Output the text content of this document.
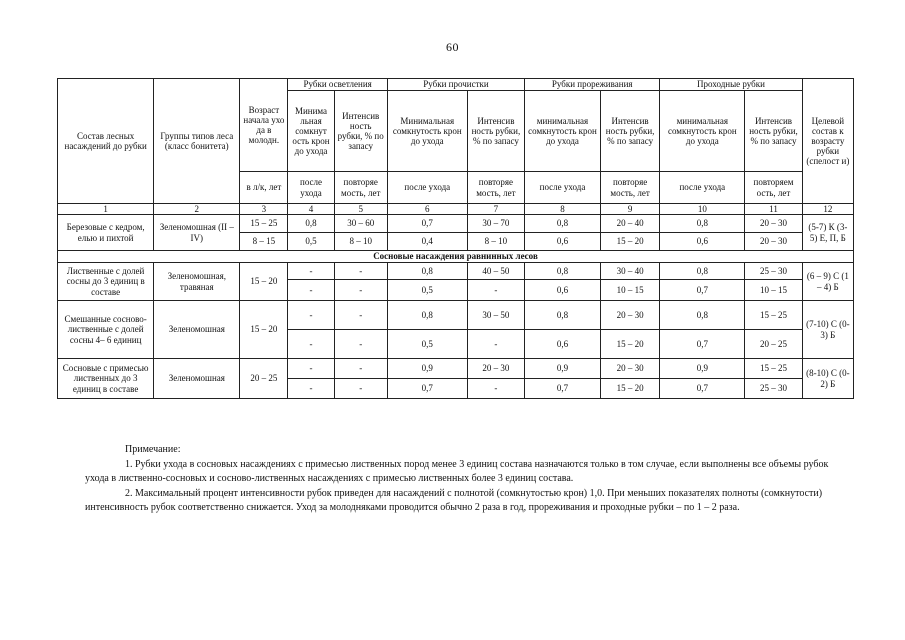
60
Состав лесных насаждений до рубки	Группы типов леса (класс бонитета)	Возраст начала ухо да в молодн.	Рубки осветления		Рубки прочистки		Рубки прореживания		Проходные рубки		Целевой состав к возрасту рубки (спелост и)
			Минима льная сомкнут ость крон до ухода	Интенсив ность рубки, % по запасу	Минимальная сомкнутость крон до ухода	Интенсив ность рубки, % по запасу	минимальная сомкнутость крон до ухода	Интенсив ность рубки, % по запасу	минимальная сомкнутость крон до ухода	Интенсив ность рубки, % по запасу	
		в л/к, лет	после ухода	повторяе мость, лет	после ухода	повторяе мость, лет	после ухода	повторяе мость, лет	после ухода	повторяем ость, лет	
1	2	3	4	5	6	7	8	9	10	11	12
Березовые с кедром, елью и пихтой	Зеленомошная (II – IV)	15 – 25	0,8	30 – 60	0,7	30 – 70	0,8	20 – 40	0,8	20 – 30	(5-7) К (3-5) Е, П, Б
		8 – 15	0,5	8 – 10	0,4	8 – 10	0,6	15 – 20	0,6	20 – 30	
Сосновые насаждения равнинных лесов											
Лиственные с долей сосны до 3 единиц в составе	Зеленомошная, травяная	15 – 20	-	-	0,8	40 – 50	0,8	30 – 40	0,8	25 – 30	(6 – 9) С (1 – 4) Б
			-	-	0,5	-	0,6	10 – 15	0,7	10 – 15	
Смешанные сосново-лиственные с долей сосны 4– 6 единиц	Зеленомошная	15 – 20	-	-	0,8	30 – 50	0,8	20 – 30	0,8	15 – 25	(7-10) С (0-3) Б
			-	-	0,5	-	0,6	15 – 20	0,7	20 – 25	
Сосновые с примесью лиственных до 3 единиц в составе	Зеленомошная	20 – 25	-	-	0,9	20 – 30	0,9	20 – 30	0,9	15 – 25	(8-10) С (0-2) Б
			-	-	0,7	-	0,7	15 – 20	0,7	25 – 30	

Примечание:

1. Рубки ухода в сосновых насаждениях с примесью лиственных пород менее 3 единиц состава назначаются только в том случае, если выполнены все объемы рубок ухода в лиственно-сосновых и сосново-лиственных насаждениях с примесью лиственных более 3 единиц состава.

2. Максимальный процент интенсивности рубок приведен для насаждений с полнотой (сомкнутостью крон) 1,0. При меньших показателях полноты (сомкнутости) интенсивность рубок соответственно снижается. Уход за молодняками проводится обычно 2 раза в год, прореживания и проходные рубки – по 1 – 2 раза.
